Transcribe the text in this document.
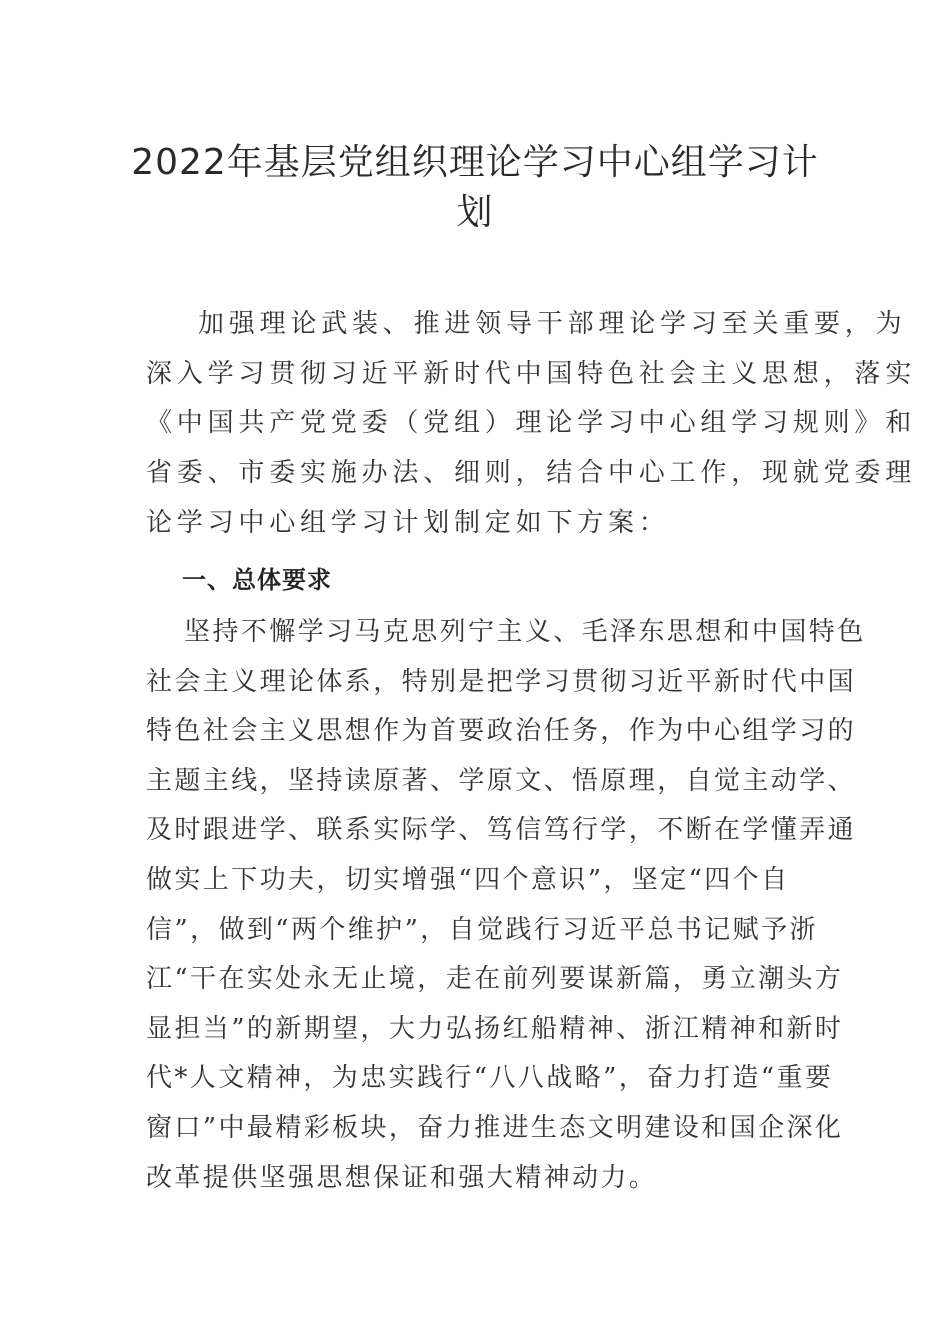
2022年基层党组织理论学习中心组学习计划
加强理论武装、推进领导干部理论学习至关重要，为
深入学习贯彻习近平新时代中国特色社会主义思想，落实
《中国共产党党委（党组）理论学习中心组学习规则》和
省委、市委实施办法、细则，结合中心工作，现就党委理
论学习中心组学习计划制定如下方案：
一、总体要求
坚持不懈学习马克思列宁主义、毛泽东思想和中国特色
社会主义理论体系，特别是把学习贯彻习近平新时代中国
特色社会主义思想作为首要政治任务，作为中心组学习的
主题主线，坚持读原著、学原文、悟原理，自觉主动学、
及时跟进学、联系实际学、笃信笃行学，不断在学懂弄通
做实上下功夫，切实增强“四个意识”，坚定“四个自
信”，做到“两个维护”，自觉践行习近平总书记赋予浙
江“干在实处永无止境，走在前列要谋新篇，勇立潮头方
显担当”的新期望，大力弘扬红船精神、浙江精神和新时
代*人文精神，为忠实践行“八八战略”，奋力打造“重要
窗口”中最精彩板块，奋力推进生态文明建设和国企深化
改革提供坚强思想保证和强大精神动力。
